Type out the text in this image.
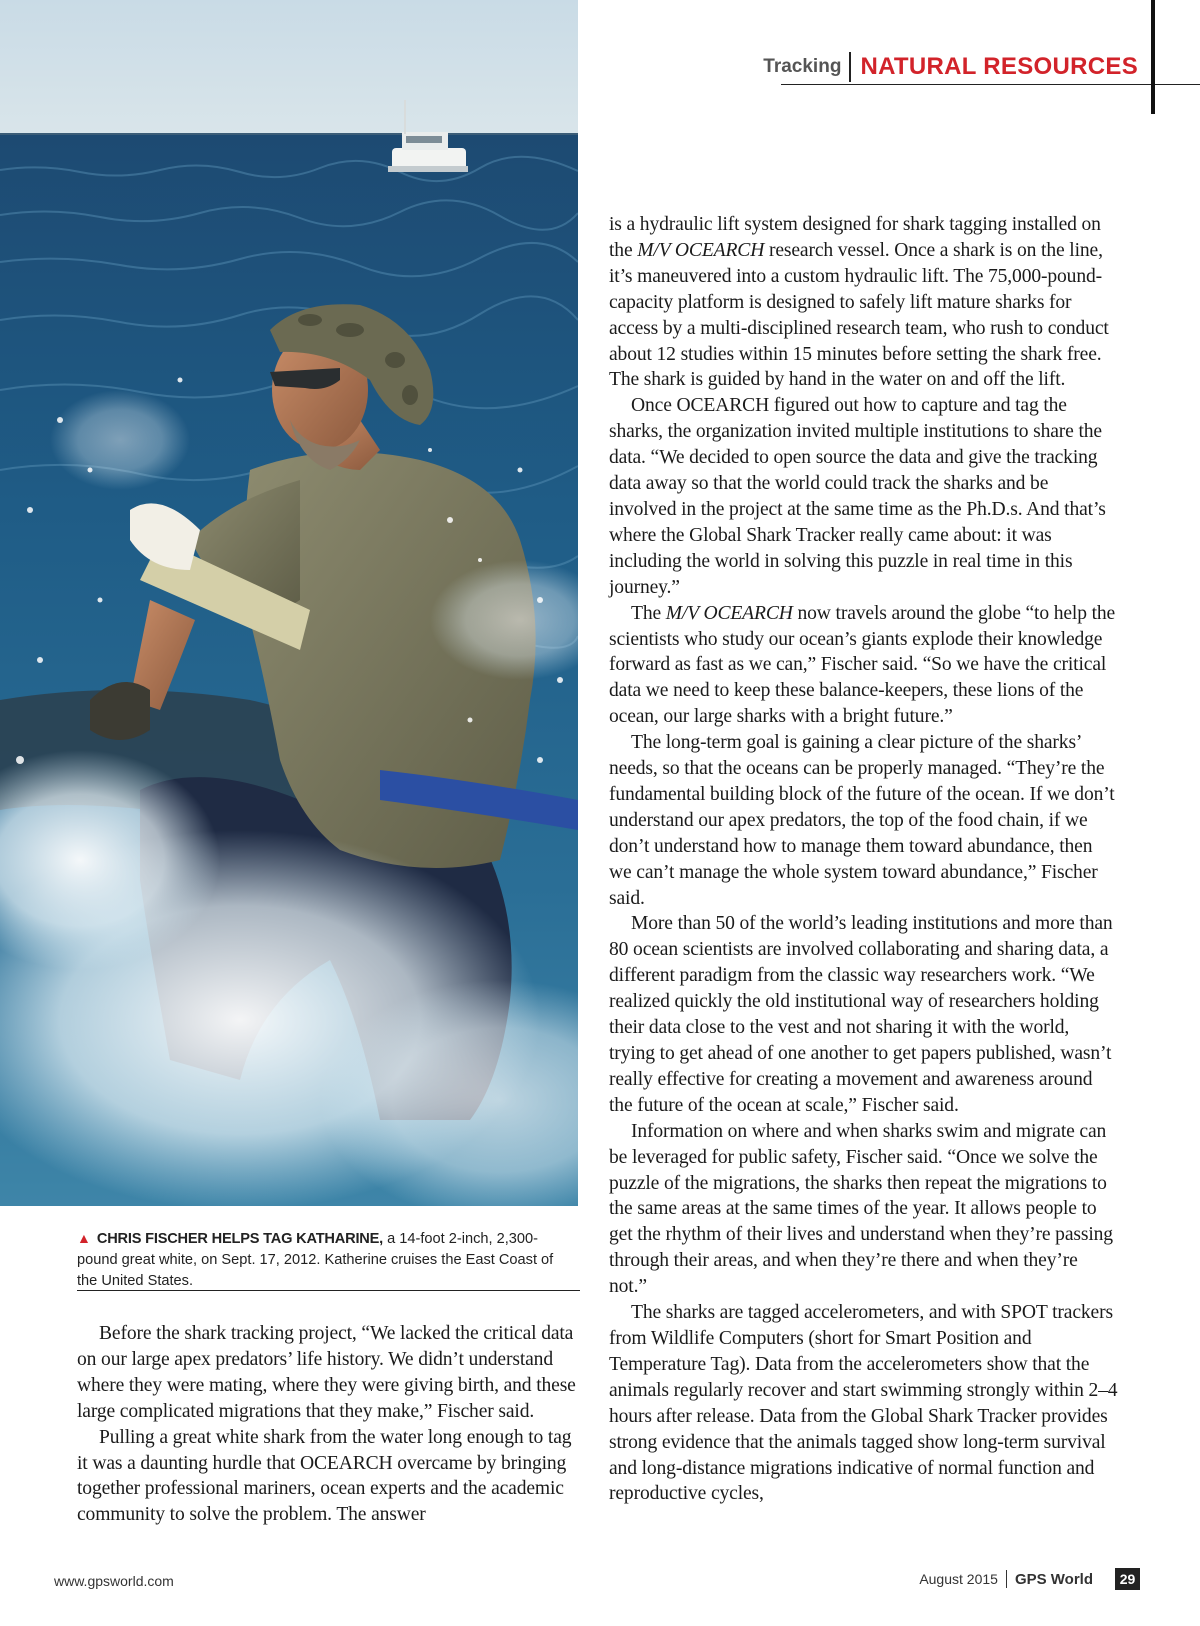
Tracking NATURAL RESOURCES
▲ CHRIS FISCHER HELPS TAG KATHARINE, a 14-foot 2-inch, 2,300-pound great white, on Sept. 17, 2012. Katherine cruises the East Coast of the United States.

Before the shark tracking project, “We lacked the critical data on our large apex predators’ life history. We didn’t understand where they were mating, where they were giving birth, and these large complicated migrations that they make,” Fischer said.

Pulling a great white shark from the water long enough to tag it was a daunting hurdle that OCEARCH overcame by bringing together professional mariners, ocean experts and the academic community to solve the problem. The answer

is a hydraulic lift system designed for shark tagging installed on the M/V OCEARCH research vessel. Once a shark is on the line, it’s maneuvered into a custom hydraulic lift. The 75,000-pound-capacity platform is designed to safely lift mature sharks for access by a multi-disciplined research team, who rush to conduct about 12 studies within 15 minutes before setting the shark free. The shark is guided by hand in the water on and off the lift.

Once OCEARCH figured out how to capture and tag the sharks, the organization invited multiple institutions to share the data. “We decided to open source the data and give the tracking data away so that the world could track the sharks and be involved in the project at the same time as the Ph.D.s. And that’s where the Global Shark Tracker really came about: it was including the world in solving this puzzle in real time in this journey.”

The M/V OCEARCH now travels around the globe “to help the scientists who study our ocean’s giants explode their knowledge forward as fast as we can,” Fischer said. “So we have the critical data we need to keep these balance-keepers, these lions of the ocean, our large sharks with a bright future.”

The long-term goal is gaining a clear picture of the sharks’ needs, so that the oceans can be properly managed. “They’re the fundamental building block of the future of the ocean. If we don’t understand our apex predators, the top of the food chain, if we don’t understand how to manage them toward abundance, then we can’t manage the whole system toward abundance,” Fischer said.

More than 50 of the world’s leading institutions and more than 80 ocean scientists are involved collaborating and sharing data, a different paradigm from the classic way researchers work. “We realized quickly the old institutional way of researchers holding their data close to the vest and not sharing it with the world, trying to get ahead of one another to get papers published, wasn’t really effective for creating a movement and awareness around the future of the ocean at scale,” Fischer said.

Information on where and when sharks swim and migrate can be leveraged for public safety, Fischer said. “Once we solve the puzzle of the migrations, the sharks then repeat the migrations to the same areas at the same times of the year. It allows people to get the rhythm of their lives and understand when they’re passing through their areas, and when they’re there and when they’re not.”

The sharks are tagged accelerometers, and with SPOT trackers from Wildlife Computers (short for Smart Position and Temperature Tag). Data from the accelerometers show that the animals regularly recover and start swimming strongly within 2–4 hours after release. Data from the Global Shark Tracker provides strong evidence that the animals tagged show long-term survival and long-distance migrations indicative of normal function and reproductive cycles,

www.gpsworld.com	August 2015 GPS World	29
